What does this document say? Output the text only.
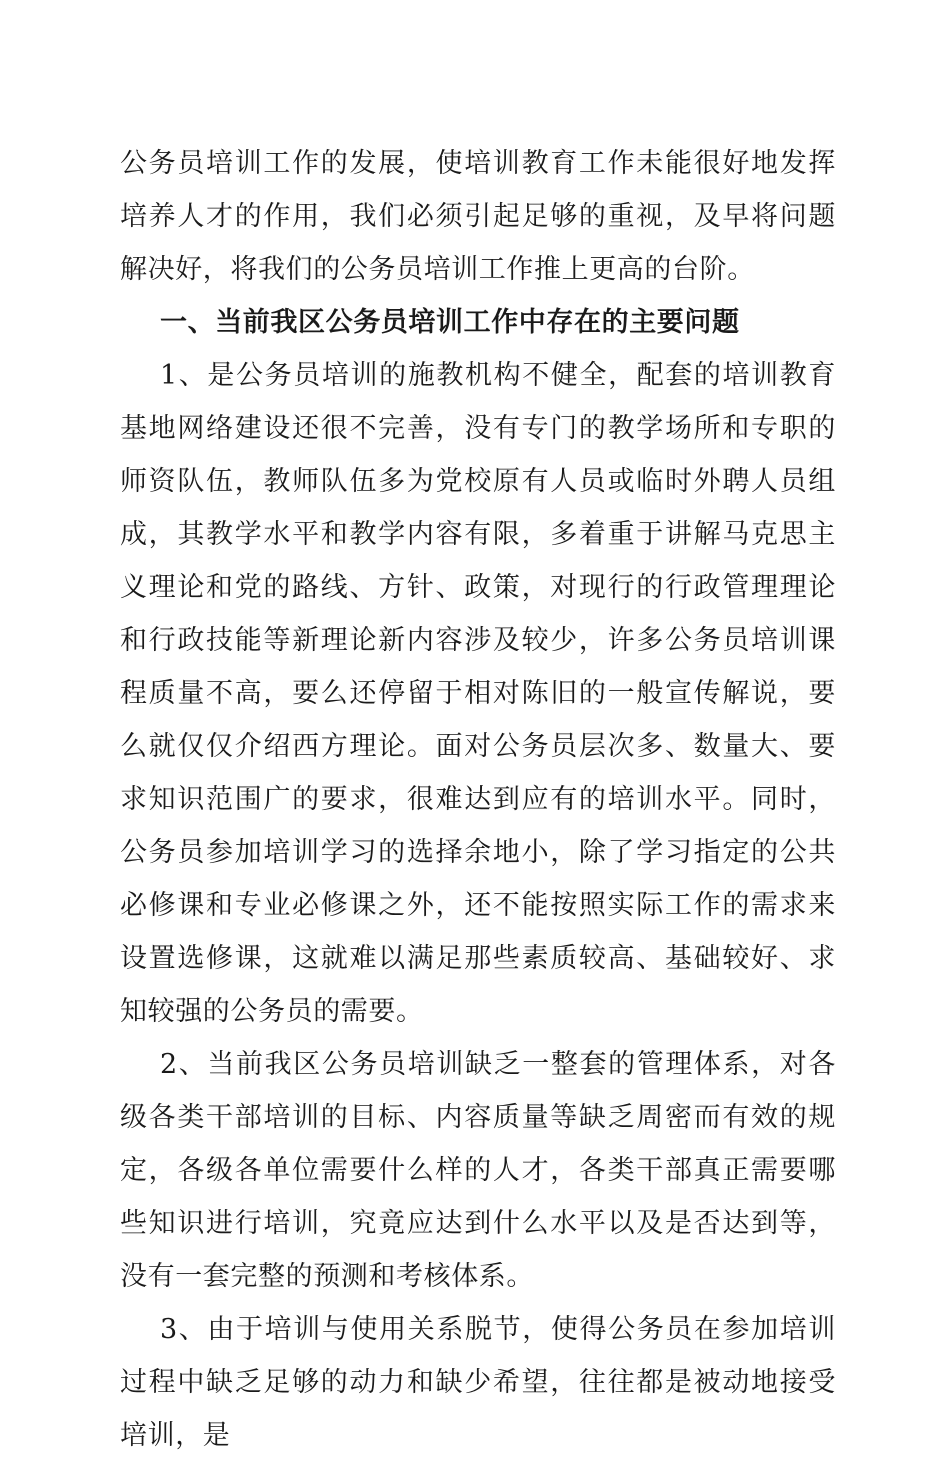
公务员培训工作的发展，使培训教育工作未能很好地发挥培养人才的作用，我们必须引起足够的重视，及早将问题解决好，将我们的公务员培训工作推上更高的台阶。

一、当前我区公务员培训工作中存在的主要问题

1、是公务员培训的施教机构不健全，配套的培训教育基地网络建设还很不完善，没有专门的教学场所和专职的师资队伍，教师队伍多为党校原有人员或临时外聘人员组成，其教学水平和教学内容有限，多着重于讲解马克思主义理论和党的路线、方针、政策，对现行的行政管理理论和行政技能等新理论新内容涉及较少，许多公务员培训课程质量不高，要么还停留于相对陈旧的一般宣传解说，要么就仅仅介绍西方理论。面对公务员层次多、数量大、要求知识范围广的要求，很难达到应有的培训水平。同时，公务员参加培训学习的选择余地小，除了学习指定的公共必修课和专业必修课之外，还不能按照实际工作的需求来设置选修课，这就难以满足那些素质较高、基础较好、求知较强的公务员的需要。

2、当前我区公务员培训缺乏一整套的管理体系，对各级各类干部培训的目标、内容质量等缺乏周密而有效的规定，各级各单位需要什么样的人才，各类干部真正需要哪些知识进行培训，究竟应达到什么水平以及是否达到等，没有一套完整的预测和考核体系。

3、由于培训与使用关系脱节，使得公务员在参加培训过程中缺乏足够的动力和缺少希望，往往都是被动地接受培训，是
